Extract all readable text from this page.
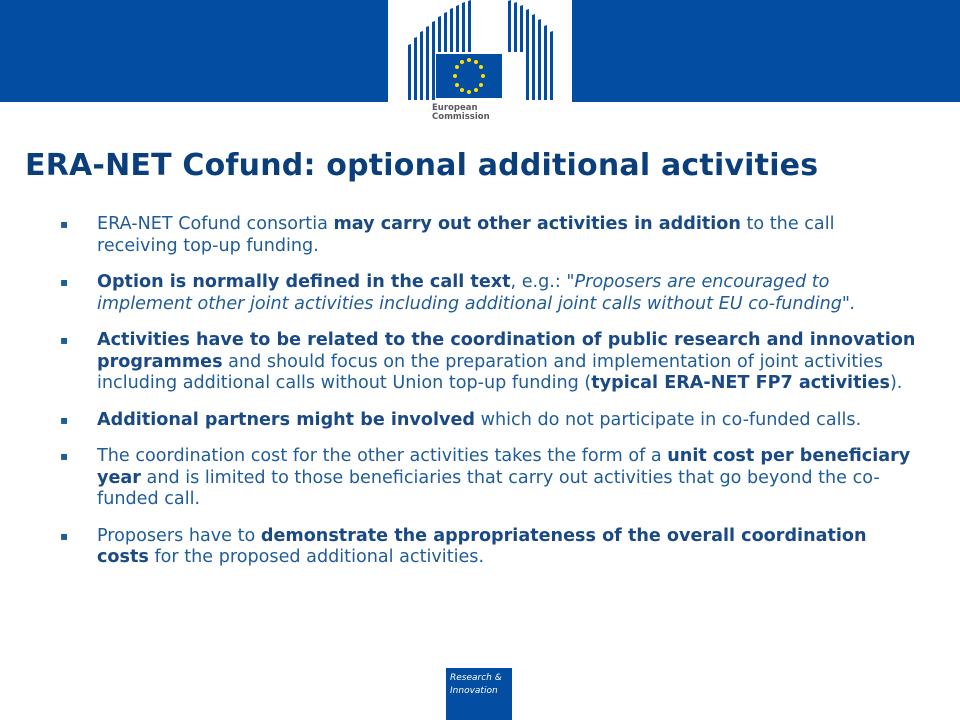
European
Commission
ERA-NET Cofund: optional additional activities
▪ ERA-NET Cofund consortia may carry out other activities in addition to the call receiving top-up funding.
▪ Option is normally defined in the call text, e.g.: "Proposers are encouraged to implement other joint activities including additional joint calls without EU co-funding".
▪ Activities have to be related to the coordination of public research and innovation programmes and should focus on the preparation and implementation of joint activities including additional calls without Union top-up funding (typical ERA-NET FP7 activities).
▪ Additional partners might be involved which do not participate in co-funded calls.
▪ The coordination cost for the other activities takes the form of a unit cost per beneficiary year and is limited to those beneficiaries that carry out activities that go beyond the co-funded call.
▪ Proposers have to demonstrate the appropriateness of the overall coordination costs for the proposed additional activities.
Research &
Innovation
